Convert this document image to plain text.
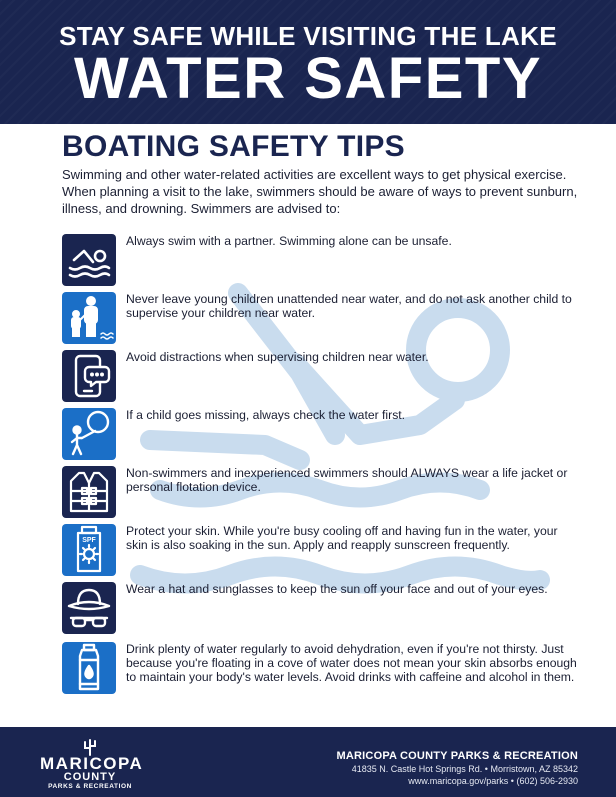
STAY SAFE WHILE VISITING THE LAKE
WATER SAFETY
BOATING SAFETY TIPS
Swimming and other water-related activities are excellent ways to get physical exercise. When planning a visit to the lake, swimmers should be aware of ways to prevent sunburn, illness, and drowning. Swimmers are advised to:
Always swim with a partner. Swimming alone can be unsafe.
Never leave young children unattended near water, and do not ask another child to supervise your children near water.
Avoid distractions when supervising children near water.
If a child goes missing, always check the water first.
Non-swimmers and inexperienced swimmers should ALWAYS wear a life jacket or personal flotation device.
SPF
Protect your skin. While you're busy cooling off and having fun in the water, your skin is also soaking in the sun. Apply and reapply sunscreen frequently.
Wear a hat and sunglasses to keep the sun off your face and out of your eyes.
Drink plenty of water regularly to avoid dehydration, even if you're not thirsty. Just because you're floating in a cove of water does not mean your skin absorbs enough to maintain your body's water levels. Avoid drinks with caffeine and alcohol in them.
MARICOPA
COUNTY
PARKS & RECREATION
MARICOPA COUNTY PARKS & RECREATION
41835 N. Castle Hot Springs Rd. • Morristown, AZ 85342
www.maricopa.gov/parks • (602) 506-2930
